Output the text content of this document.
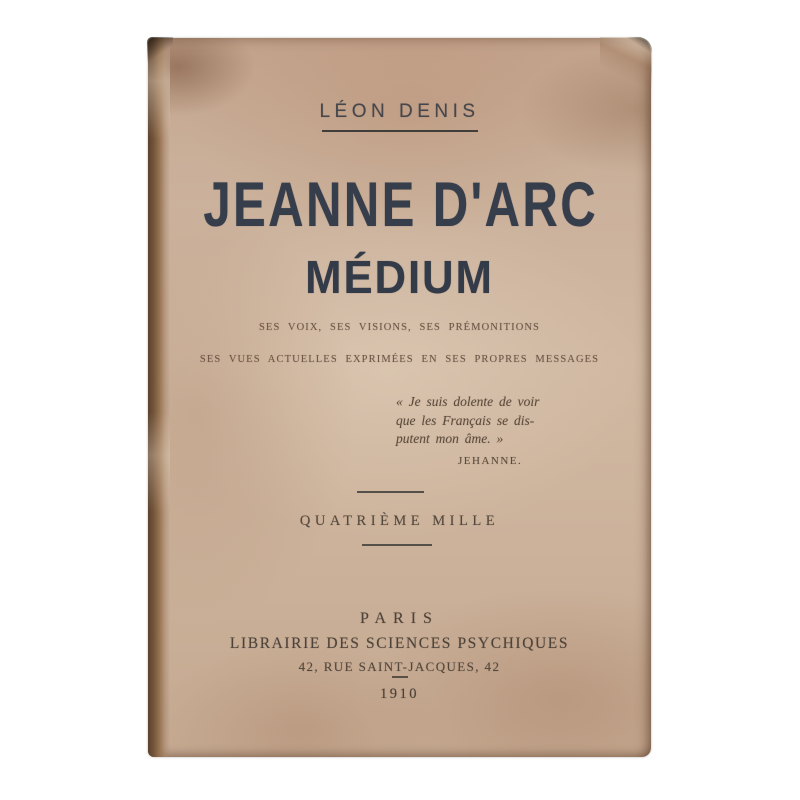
LÉON DENIS
JEANNE D'ARC
MÉDIUM
SES VOIX, SES VISIONS, SES PRÉMONITIONS
SES VUES ACTUELLES EXPRIMÉES EN SES PROPRES MESSAGES
« Je suis dolente de voir
que les Français se dis-
putent mon âme. »
JEHANNE.
QUATRIÈME MILLE
PARIS
LIBRAIRIE DES SCIENCES PSYCHIQUES
42, RUE SAINT-JACQUES, 42
1910
